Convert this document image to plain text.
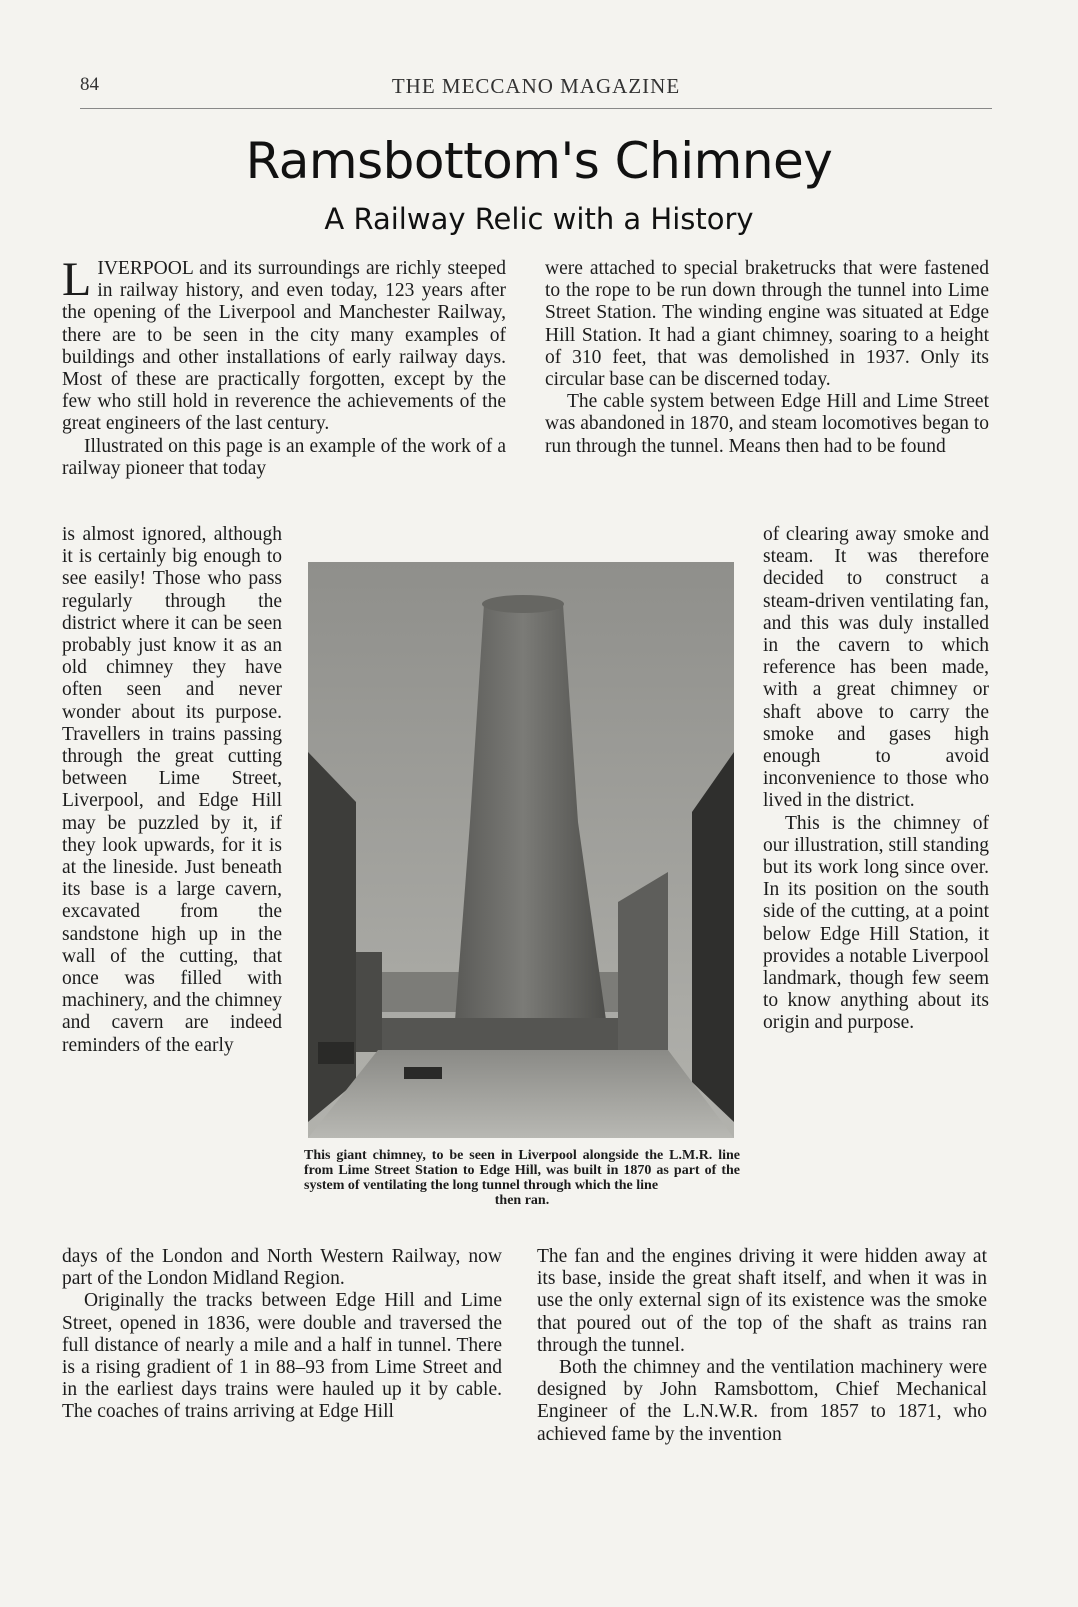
84	THE MECCANO MAGAZINE
Ramsbottom's Chimney
A Railway Relic with a History

LIVERPOOL and its surroundings are richly steeped in railway history, and even today, 123 years after the opening of the Liverpool and Manchester Railway, there are to be seen in the city many examples of buildings and other installations of early railway days. Most of these are practically forgotten, except by the few who still hold in reverence the achievements of the great engineers of the last century.

Illustrated on this page is an example of the work of a railway pioneer that today

is almost ignored, although it is certainly big enough to see easily! Those who pass regularly through the district where it can be seen probably just know it as an old chimney they have often seen and never wonder about its purpose. Travellers in trains passing through the great cutting between Lime Street, Liverpool, and Edge Hill may be puzzled by it, if they look upwards, for it is at the lineside. Just beneath its base is a large cavern, excavated from the sandstone high up in the wall of the cutting, that once was filled with machinery, and the chimney and cavern are indeed reminders of the early

days of the London and North Western Railway, now part of the London Midland Region.

Originally the tracks between Edge Hill and Lime Street, opened in 1836, were double and traversed the full distance of nearly a mile and a half in tunnel. There is a rising gradient of 1 in 88–93 from Lime Street and in the earliest days trains were hauled up it by cable. The coaches of trains arriving at Edge Hill

were attached to special braketrucks that were fastened to the rope to be run down through the tunnel into Lime Street Station. The winding engine was situated at Edge Hill Station. It had a giant chimney, soaring to a height of 310 feet, that was demolished in 1937. Only its circular base can be discerned today.

The cable system between Edge Hill and Lime Street was abandoned in 1870, and steam locomotives began to run through the tunnel. Means then had to be found

of clearing away smoke and steam. It was therefore decided to construct a steam-driven ventilating fan, and this was duly installed in the cavern to which reference has been made, with a great chimney or shaft above to carry the smoke and gases high enough to avoid inconvenience to those who lived in the district.

This is the chimney of our illustration, still standing but its work long since over. In its position on the south side of the cutting, at a point below Edge Hill Station, it provides a notable Liverpool landmark, though few seem to know anything about its origin and purpose.

The fan and the engines driving it were hidden away at its base, inside the great shaft itself, and when it was in use the only external sign of its existence was the smoke that poured out of the top of the shaft as trains ran through the tunnel.

Both the chimney and the ventilation machinery were designed by John Ramsbottom, Chief Mechanical Engineer of the L.N.W.R. from 1857 to 1871, who achieved fame by the invention

This giant chimney, to be seen in Liverpool alongside the L.M.R. line from Lime Street Station to Edge Hill, was built in 1870 as part of the system of ventilating the long tunnel through which the line
then ran.
